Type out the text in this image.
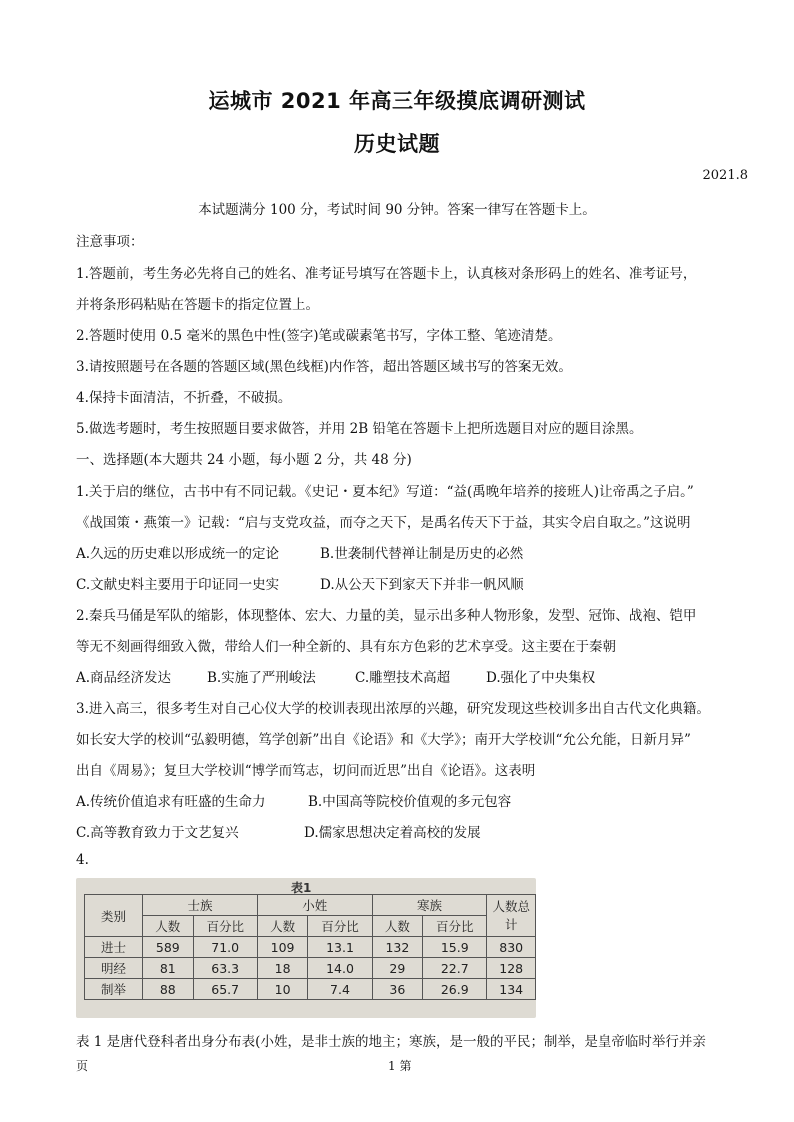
运城市 2021 年高三年级摸底调研测试
历史试题
2021.8
本试题满分 100 分，考试时间 90 分钟。答案一律写在答题卡上。
注意事项：
1.答题前，考生务必先将自己的姓名、准考证号填写在答题卡上，认真核对条形码上的姓名、准考证号，
并将条形码粘贴在答题卡的指定位置上。
2.答题时使用 0.5 毫米的黑色中性(签字)笔或碳素笔书写，字体工整、笔迹清楚。
3.请按照题号在各题的答题区域(黑色线框)内作答，超出答题区域书写的答案无效。
4.保持卡面清洁，不折叠，不破损。
5.做选考题时，考生按照题目要求做答，并用 2B 铅笔在答题卡上把所选题目对应的题目涂黑。
一、选择题(本大题共 24 小题，每小题 2 分，共 48 分)
1.关于启的继位，古书中有不同记载。《史记・夏本纪》写道：“益(禹晚年培养的接班人)让帝禹之子启。”
《战国策・燕策一》记载：“启与支党攻益，而夺之天下，是禹名传天下于益，其实令启自取之。”这说明
A.久远的历史难以形成统一的定论	B.世袭制代替禅让制是历史的必然
C.文献史料主要用于印证同一史实	D.从公天下到家天下并非一帆风顺
2.秦兵马俑是军队的缩影，体现整体、宏大、力量的美，显示出多种人物形象，发型、冠饰、战袍、铠甲
等无不刻画得细致入微，带给人们一种全新的、具有东方色彩的艺术享受。这主要在于秦朝
A.商品经济发达	B.实施了严刑峻法	C.雕塑技术高超	D.强化了中央集权
3.进入高三，很多考生对自己心仪大学的校训表现出浓厚的兴趣，研究发现这些校训多出自古代文化典籍。
如长安大学的校训“弘毅明德，笃学创新”出自《论语》和《大学》；南开大学校训“允公允能，日新月异”
出自《周易》；复旦大学校训“博学而笃志，切问而近思”出自《论语》。这表明
A.传统价值追求有旺盛的生命力	B.中国高等院校价值观的多元包容
C.高等教育致力于文艺复兴	D.儒家思想决定着高校的发展
4.
表1
类别	士族		小姓		寒族		人数总计
	人数	百分比	人数	百分比	人数	百分比	
进士	589	71.0	109	13.1	132	15.9	830
明经	81	63.3	18	14.0	29	22.7	128
制举	88	65.7	10	7.4	36	26.9	134
表 1 是唐代登科者出身分布表(小姓，是非士族的地主；寒族，是一般的平民；制举，是皇帝临时举行并亲
页	1 第
